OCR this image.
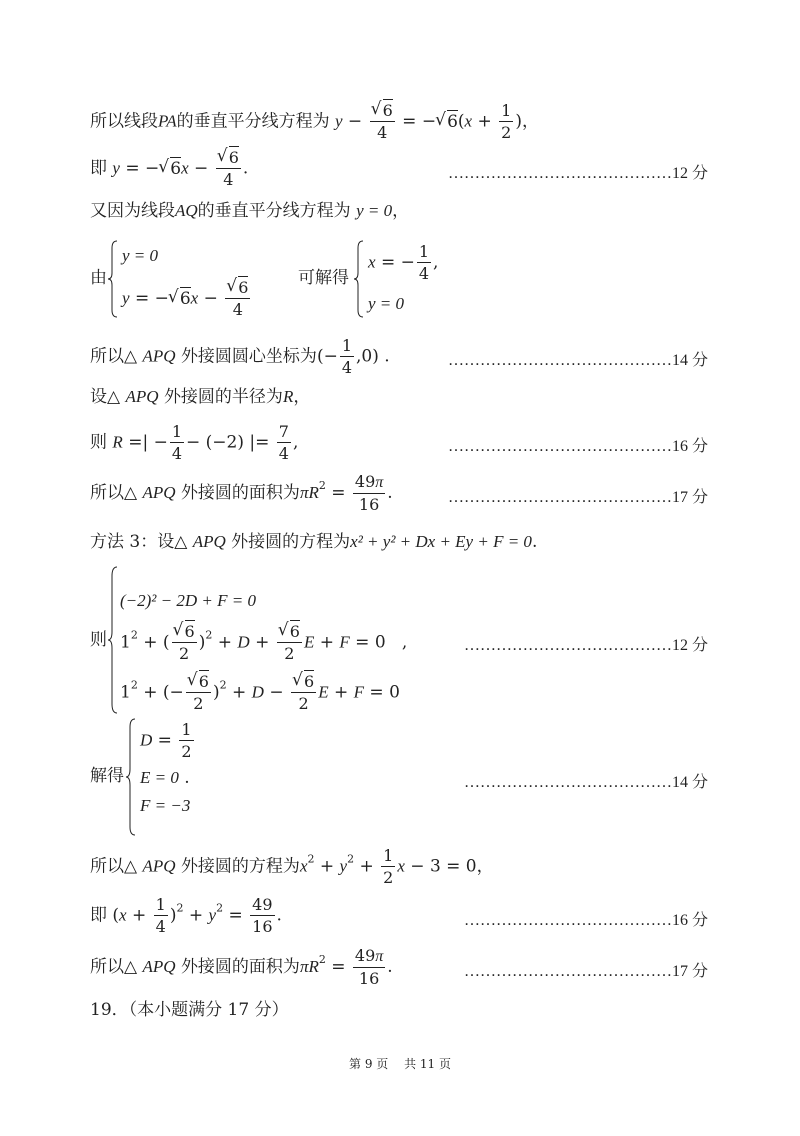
所以线段PA的垂直平分线方程为 y − √ $\frac{6}{4}$ = − √ $6(x + \frac{1}{2}$ )，
即 y = − √ 6x − √ $\frac{6}{4}$ .	……………………………………12 分
又因为线段AQ的垂直平分线方程为 y = 0，
由
y = 0
y = − √ 6x − √ $\frac{6}{4}$
可解得
x = − $\frac{1}{4}$ ,
y = 0
所以△ APQ 外接圆圆心坐标为(− $\frac{1}{4} ,0$) .	……………………………………14 分
设△ APQ 外接圆的半径为R，
则 R =| − $\frac{1}{4} - (-2)$ |= $\frac{7}{4}$ ,	……………………………………16 分
所以△ APQ 外接圆的面积为$\pi R^2 = \frac{49\pi}{16}$ .	……………………………………17 分
方法 3：设△ APQ 外接圆的方程为x² + y² + Dx + Ey + F = 0.
则
(−2)² − 2D + F = 0
$1^2$ + ( √ $\frac{6}{2} )^2 + D$ + √ $\frac{6}{2}$ E + F = 0   ,
$1^2$ + (− √ $\frac{6}{2} )^2 + D$ − √ $\frac{6}{2}$ E + F = 0
…………………………………12 分
解得
$D = \frac{1}{2}$
E = 0 .
F = −3
…………………………………14 分
所以△ APQ 外接圆的方程为$x^2 + y^2 + \frac{1}{2}$ x − 3 = 0，
即 $(x + \frac{1}{4} )^2 + y^2 = \frac{49}{16}$ .	…………………………………16 分
所以△ APQ 外接圆的面积为$\pi R^2 = \frac{49\pi}{16}$ .	…………………………………17 分
19．（本小题满分 17 分）
第 9 页　 共 11 页
